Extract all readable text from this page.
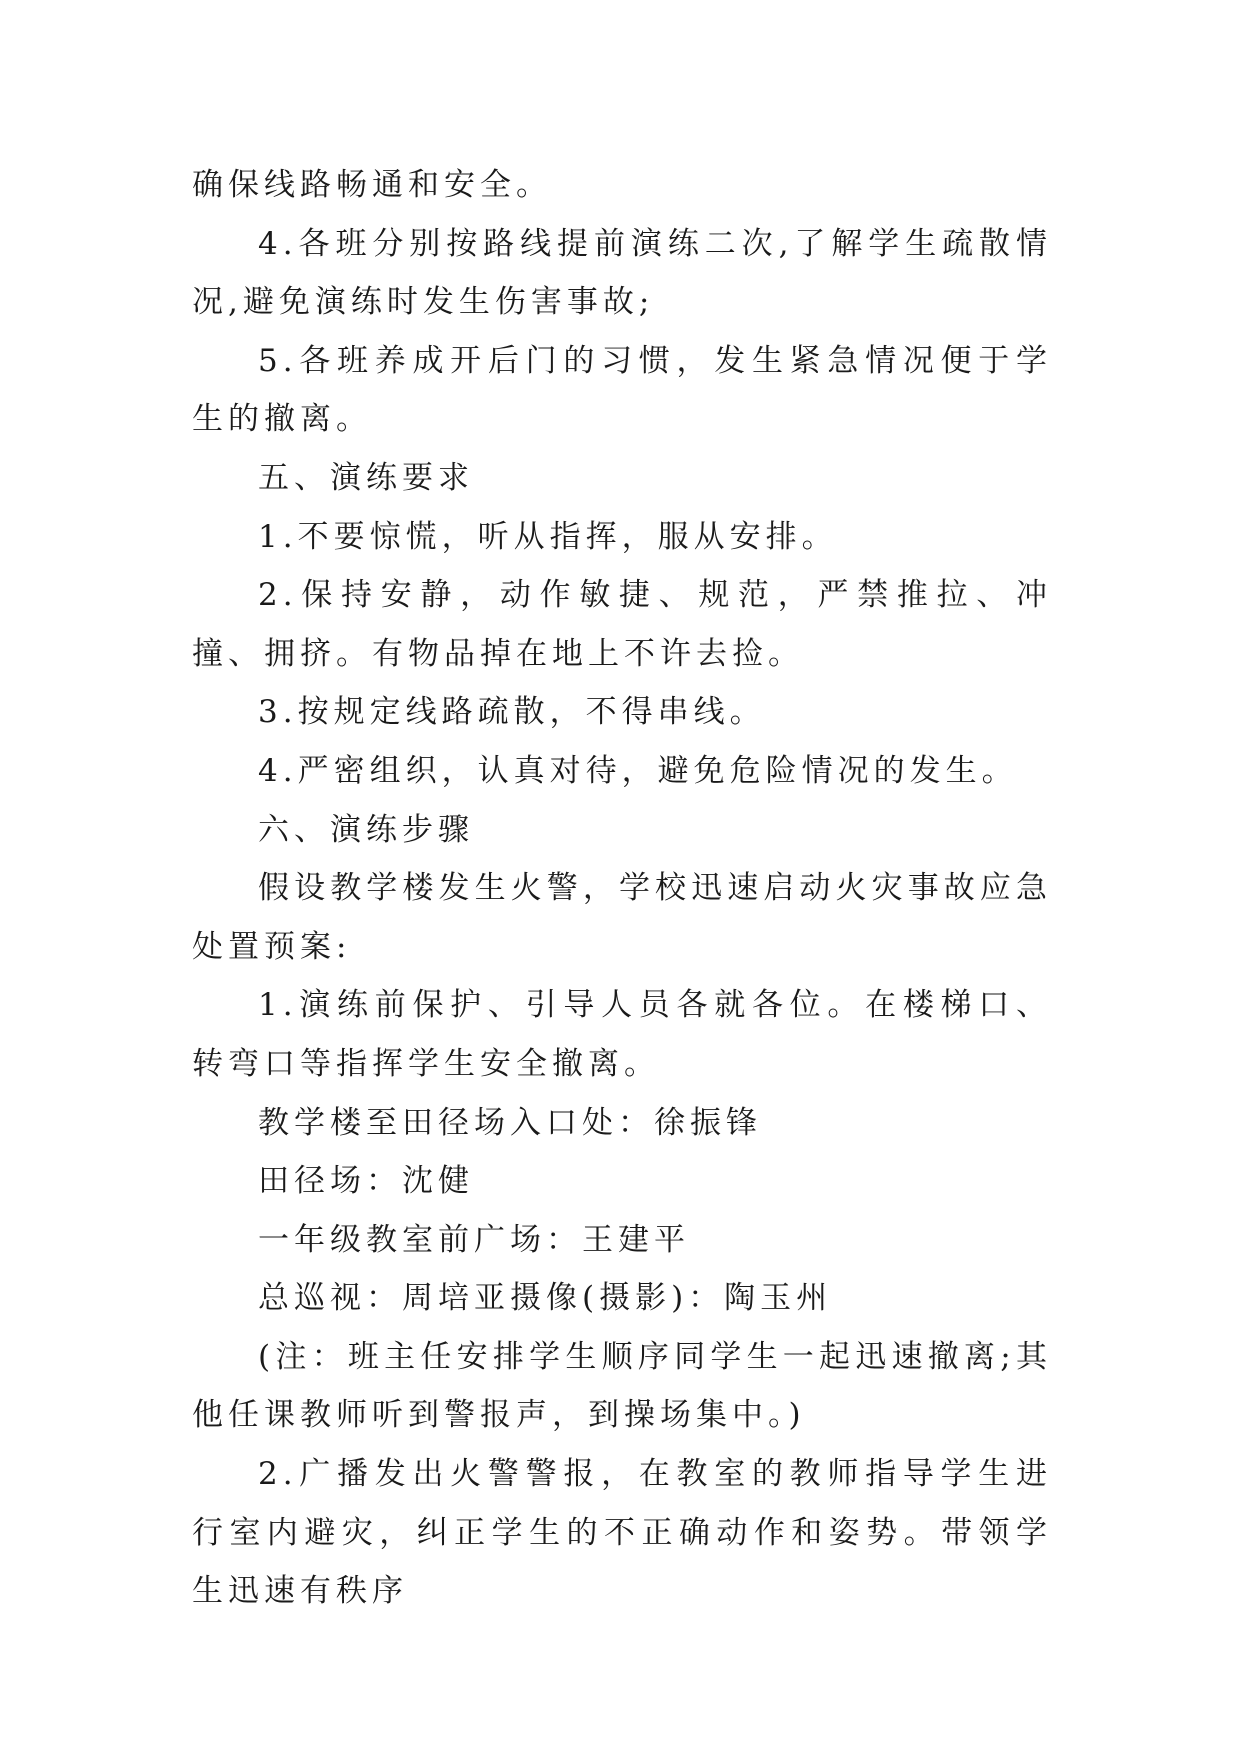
确保线路畅通和安全。

4.各班分别按路线提前演练二次,了解学生疏散情况,避免演练时发生伤害事故;

5.各班养成开后门的习惯，发生紧急情况便于学生的撤离。

五、演练要求

1.不要惊慌，听从指挥，服从安排。

2.保持安静，动作敏捷、规范，严禁推拉、冲撞、拥挤。有物品掉在地上不许去捡。

3.按规定线路疏散，不得串线。

4.严密组织，认真对待，避免危险情况的发生。

六、演练步骤

假设教学楼发生火警，学校迅速启动火灾事故应急处置预案:

1.演练前保护、引导人员各就各位。在楼梯口、转弯口等指挥学生安全撤离。

教学楼至田径场入口处：徐振锋

田径场：沈健

一年级教室前广场：王建平

总巡视：周培亚摄像(摄影)：陶玉州

(注：班主任安排学生顺序同学生一起迅速撤离;其他任课教师听到警报声，到操场集中。)

2.广播发出火警警报，在教室的教师指导学生进行室内避灾，纠正学生的不正确动作和姿势。带领学生迅速有秩序
